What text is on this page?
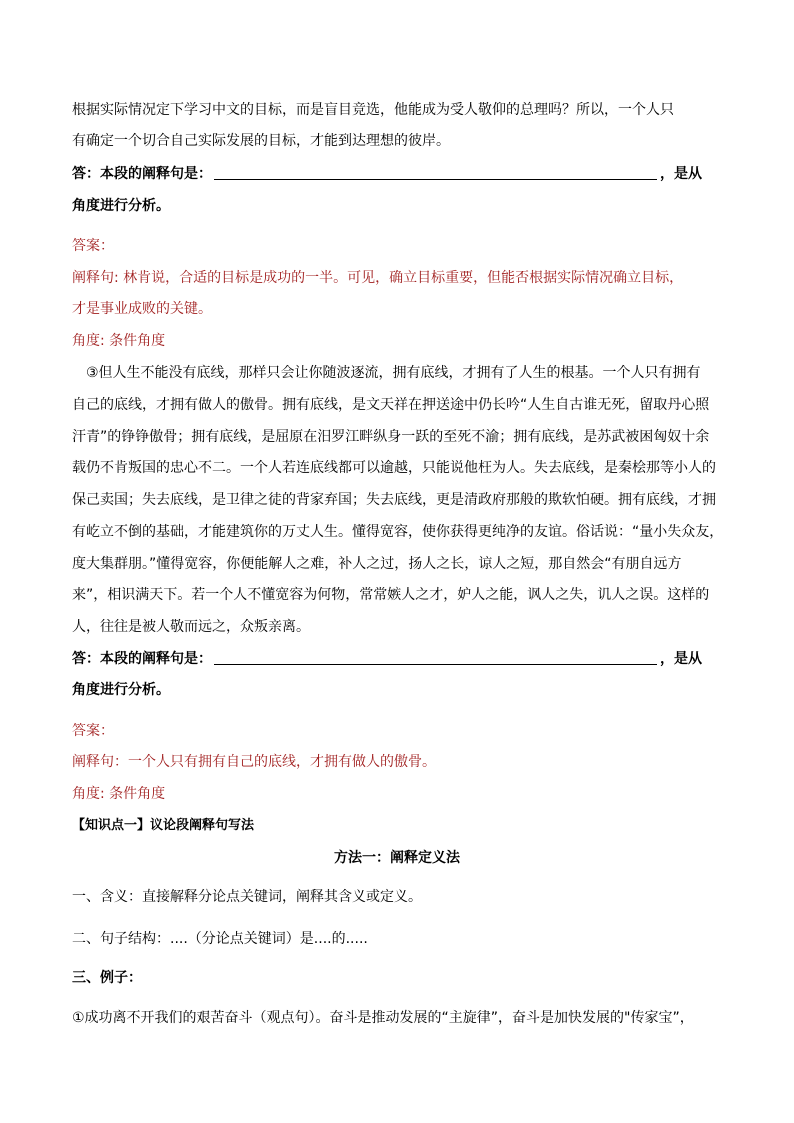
根据实际情况定下学习中文的目标，而是盲目竞选，他能成为受人敬仰的总理吗？所以，一个人只
有确定一个切合自己实际发展的目标，才能到达理想的彼岸。
答：本段的阐释句是：	，是从
角度进行分析。
答案：
阐释句: 林肯说，合适的目标是成功的一半。可见，确立目标重要，但能否根据实际情况确立目标，
才是事业成败的关键。
角度: 条件角度
③但人生不能没有底线，那样只会让你随波逐流，拥有底线，才拥有了人生的根基。一个人只有拥有
自己的底线，才拥有做人的傲骨。拥有底线，是文天祥在押送途中仍长吟“人生自古谁无死，留取丹心照
汗青”的铮铮傲骨；拥有底线，是屈原在汨罗江畔纵身一跃的至死不渝；拥有底线，是苏武被困匈奴十余
载仍不肯叛国的忠心不二。一个人若连底线都可以逾越，只能说他枉为人。失去底线，是秦桧那等小人的
保己卖国；失去底线，是卫律之徒的背家弃国；失去底线，更是清政府那般的欺软怕硬。拥有底线，才拥
有屹立不倒的基础，才能建筑你的万丈人生。懂得宽容，使你获得更纯净的友谊。俗话说：“量小失众友，
度大集群朋。”懂得宽容，你便能解人之难，补人之过，扬人之长，谅人之短，那自然会“有朋自远方
来”，相识满天下。若一个人不懂宽容为何物，常常嫉人之才，妒人之能，讽人之失，讥人之误。这样的
人，往往是被人敬而远之，众叛亲离。
答：本段的阐释句是：	，是从
角度进行分析。
答案：
阐释句：一个人只有拥有自己的底线，才拥有做人的傲骨。
角度: 条件角度
【知识点一】议论段阐释句写法
方法一：阐释定义法
一、含义：直接解释分论点关键词，阐释其含义或定义。
二、句子结构：....（分论点关键词）是....的.....
三、例子：
①成功离不开我们的艰苦奋斗（观点句）。奋斗是推动发展的“主旋律”，奋斗是加快发展的"传家宝”，
